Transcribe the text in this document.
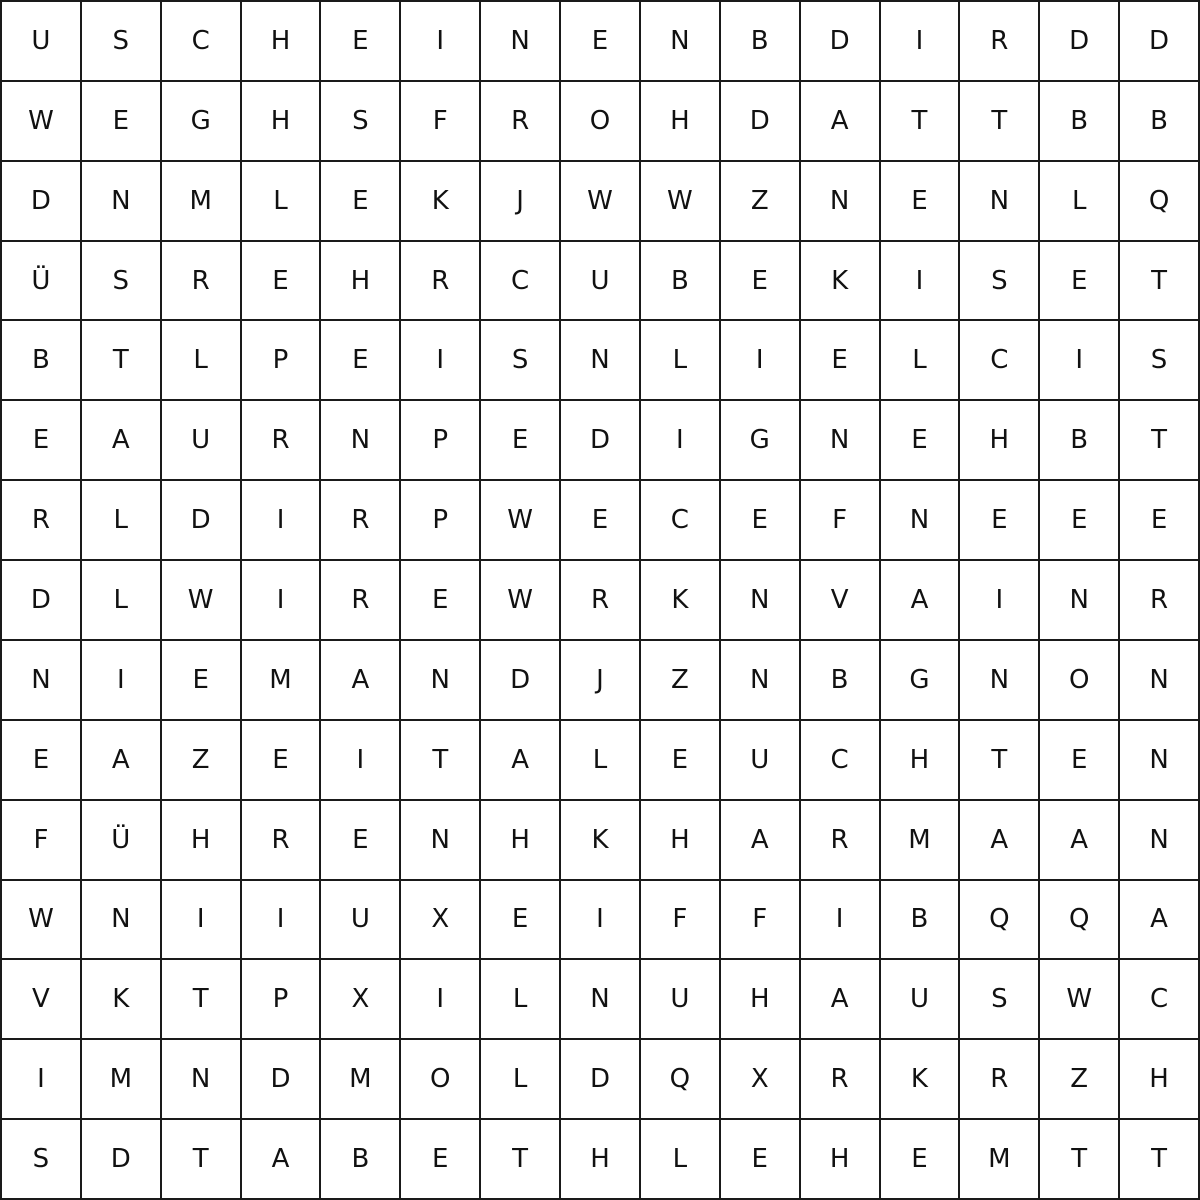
U	S	C	H	E	I	N	E	N	B	D	I	R	D	D
W	E	G	H	S	F	R	O	H	D	A	T	T	B	B
D	N	M	L	E	K	J	W	W	Z	N	E	N	L	Q
Ü	S	R	E	H	R	C	U	B	E	K	I	S	E	T
B	T	L	P	E	I	S	N	L	I	E	L	C	I	S
E	A	U	R	N	P	E	D	I	G	N	E	H	B	T
R	L	D	I	R	P	W	E	C	E	F	N	E	E	E
D	L	W	I	R	E	W	R	K	N	V	A	I	N	R
N	I	E	M	A	N	D	J	Z	N	B	G	N	O	N
E	A	Z	E	I	T	A	L	E	U	C	H	T	E	N
F	Ü	H	R	E	N	H	K	H	A	R	M	A	A	N
W	N	I	I	U	X	E	I	F	F	I	B	Q	Q	A
V	K	T	P	X	I	L	N	U	H	A	U	S	W	C
I	M	N	D	M	O	L	D	Q	X	R	K	R	Z	H
S	D	T	A	B	E	T	H	L	E	H	E	M	T	T
